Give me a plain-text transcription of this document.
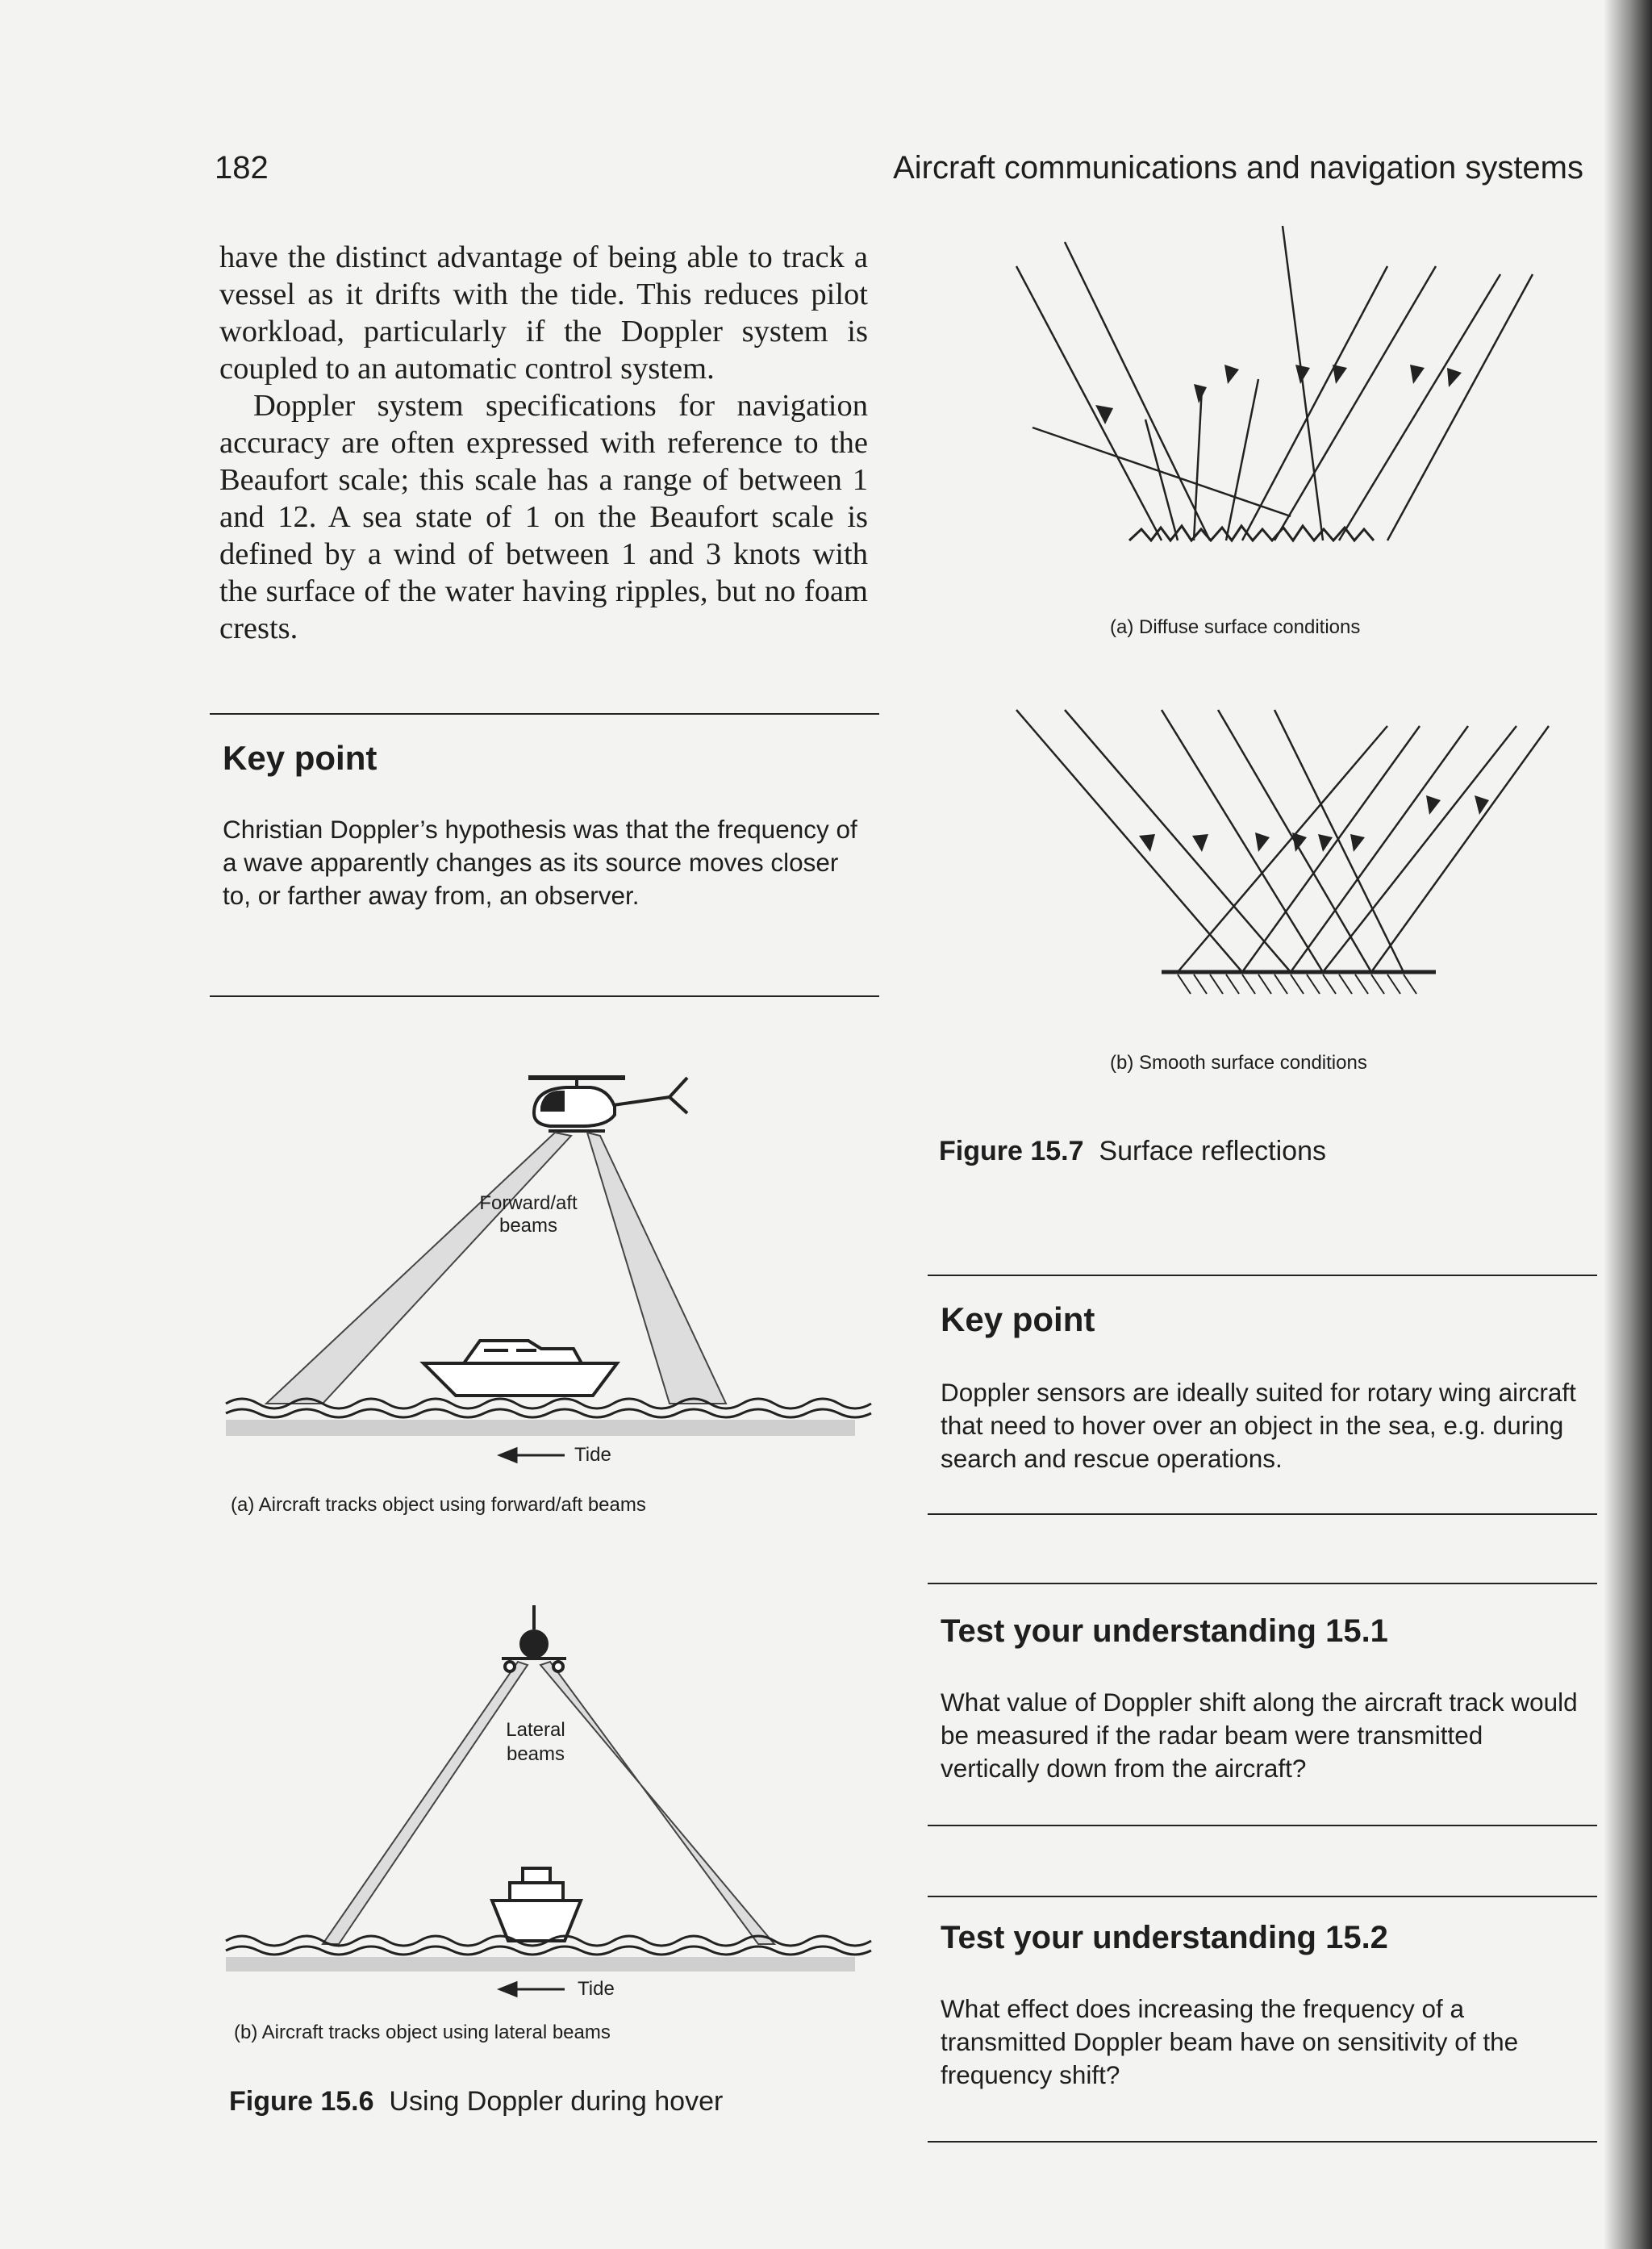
182	Aircraft communications and navigation systems

have the distinct advantage of being able to track a vessel as it drifts with the tide. This reduces pilot workload, particularly if the Doppler system is coupled to an automatic control system.

Doppler system specifications for navigation accuracy are often expressed with reference to the Beaufort scale; this scale has a range of between 1 and 12. A sea state of 1 on the Beaufort scale is defined by a wind of between 1 and 3 knots with the surface of the water having ripples, but no foam crests.

Key point
Christian Doppler’s hypothesis was that the frequency of a wave apparently changes as its source moves closer to, or farther away from, an observer.
Forward/aft
beams
Tide
(a) Aircraft tracks object using forward/aft beams
Lateral
beams
Tide
(b) Aircraft tracks object using lateral beams
Figure 15.6 Using Doppler during hover
(a) Diffuse surface conditions
(b) Smooth surface conditions
Figure 15.7 Surface reflections
Key point
Doppler sensors are ideally suited for rotary wing aircraft that need to hover over an object in the sea, e.g. during search and rescue operations.
Test your understanding 15.1
What value of Doppler shift along the aircraft track would be measured if the radar beam were transmitted vertically down from the aircraft?
Test your understanding 15.2
What effect does increasing the frequency of a transmitted Doppler beam have on sensitivity of the frequency shift?
